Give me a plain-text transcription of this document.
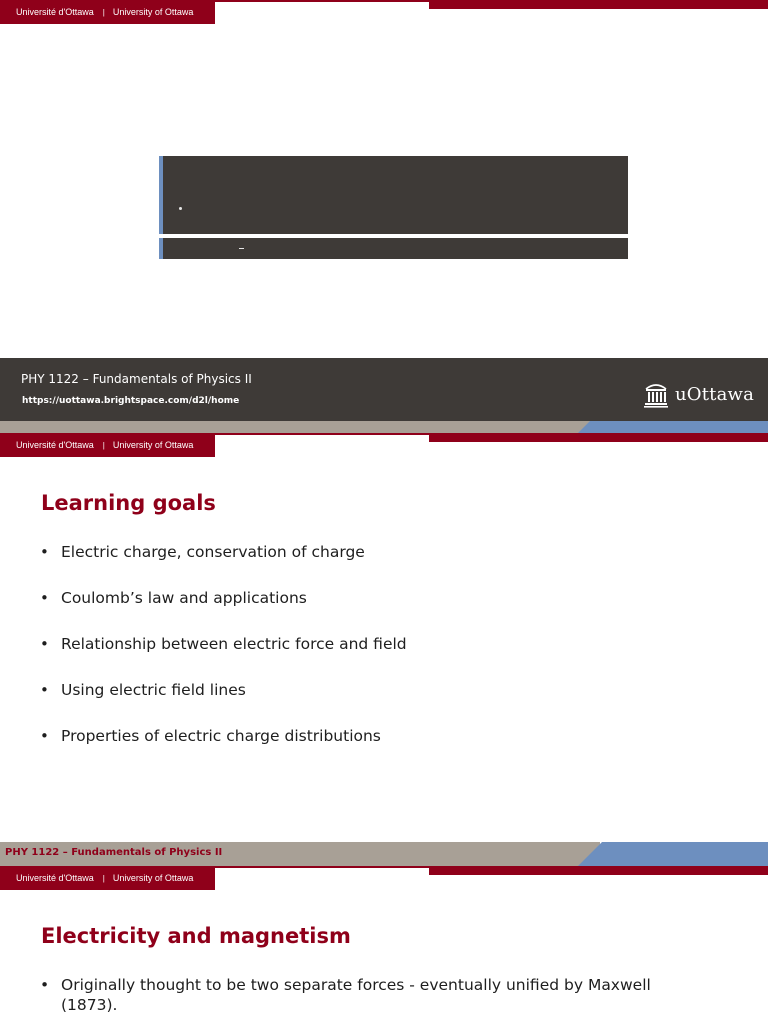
Université d'Ottawa | University of Ottawa
PHY 1122 – Fundamentals of Physics II
https://uottawa.brightspace.com/d2l/home	uOttawa
Université d'Ottawa | University of Ottawa
Learning goals
• Electric charge, conservation of charge
• Coulomb’s law and applications
• Relationship between electric force and field
• Using electric field lines
• Properties of electric charge distributions
PHY 1122 – Fundamentals of Physics II
Université d'Ottawa | University of Ottawa
Electricity and magnetism
• Originally thought to be two separate forces - eventually unified by Maxwell (1873).
